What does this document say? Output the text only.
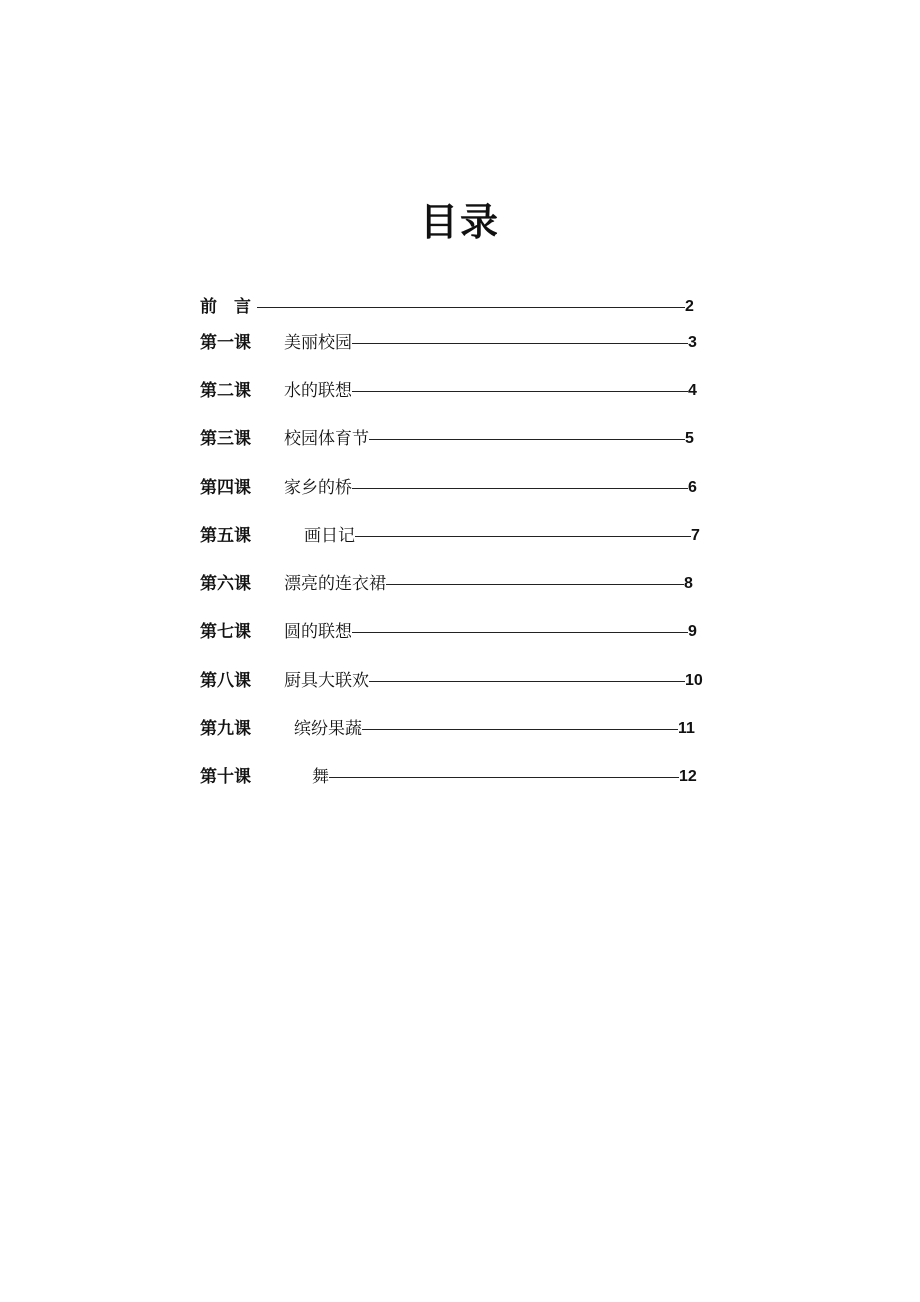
目录
前　言	2
第一课	美丽校园	3
第二课	水的联想	4
第三课	校园体育节	5
第四课	家乡的桥	6
第五课	画日记	7
第六课	漂亮的连衣裙	8
第七课	圆的联想	9
第八课	厨具大联欢	10
第九课	缤纷果蔬	11
第十课	舞	12
